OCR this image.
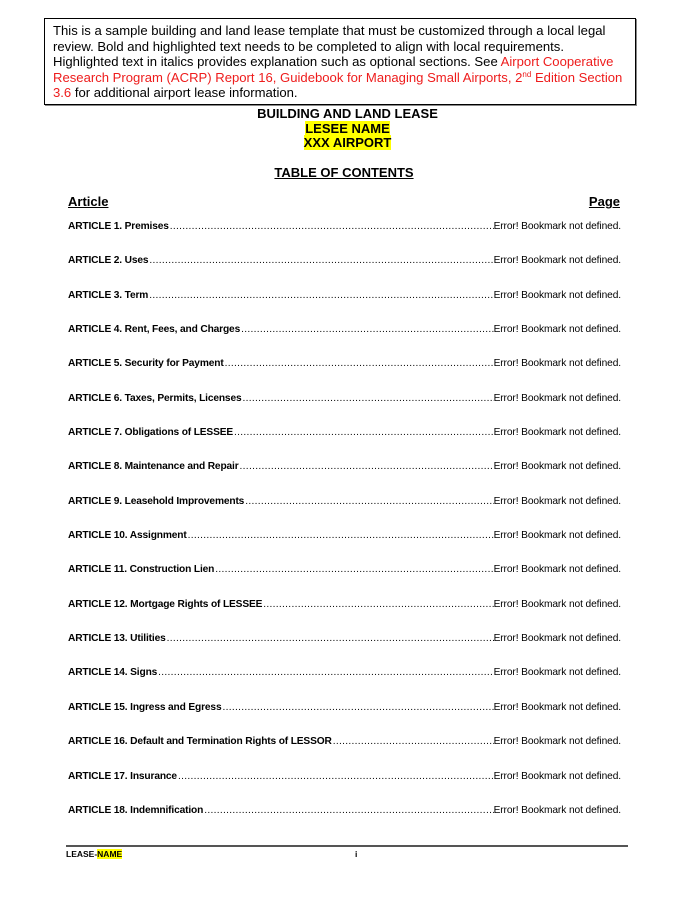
This is a sample building and land lease template that must be customized through a local legal review. Bold and highlighted text needs to be completed to align with local requirements. Highlighted text in italics provides explanation such as optional sections. See Airport Cooperative Research Program (ACRP) Report 16, Guidebook for Managing Small Airports, 2nd Edition Section 3.6 for additional airport lease information.
BUILDING AND LAND LEASE
LESEE NAME
XXX AIRPORT
TABLE OF CONTENTS
Article	Page
ARTICLE 1. Premises .....	Error! Bookmark not defined.
ARTICLE 2. Uses .....	Error! Bookmark not defined.
ARTICLE 3. Term .....	Error! Bookmark not defined.
ARTICLE 4. Rent, Fees, and Charges .....	Error! Bookmark not defined.
ARTICLE 5. Security for Payment .....	Error! Bookmark not defined.
ARTICLE 6. Taxes, Permits, Licenses .....	Error! Bookmark not defined.
ARTICLE 7. Obligations of LESSEE .....	Error! Bookmark not defined.
ARTICLE 8. Maintenance and Repair .....	Error! Bookmark not defined.
ARTICLE 9. Leasehold Improvements .....	Error! Bookmark not defined.
ARTICLE 10. Assignment .....	Error! Bookmark not defined.
ARTICLE 11. Construction Lien .....	Error! Bookmark not defined.
ARTICLE 12. Mortgage Rights of LESSEE .....	Error! Bookmark not defined.
ARTICLE 13. Utilities .....	Error! Bookmark not defined.
ARTICLE 14. Signs .....	Error! Bookmark not defined.
ARTICLE 15. Ingress and Egress .....	Error! Bookmark not defined.
ARTICLE 16. Default and Termination Rights of LESSOR .....	Error! Bookmark not defined.
ARTICLE 17. Insurance .....	Error! Bookmark not defined.
ARTICLE 18. Indemnification .....	Error! Bookmark not defined.
LEASE-NAME	i
